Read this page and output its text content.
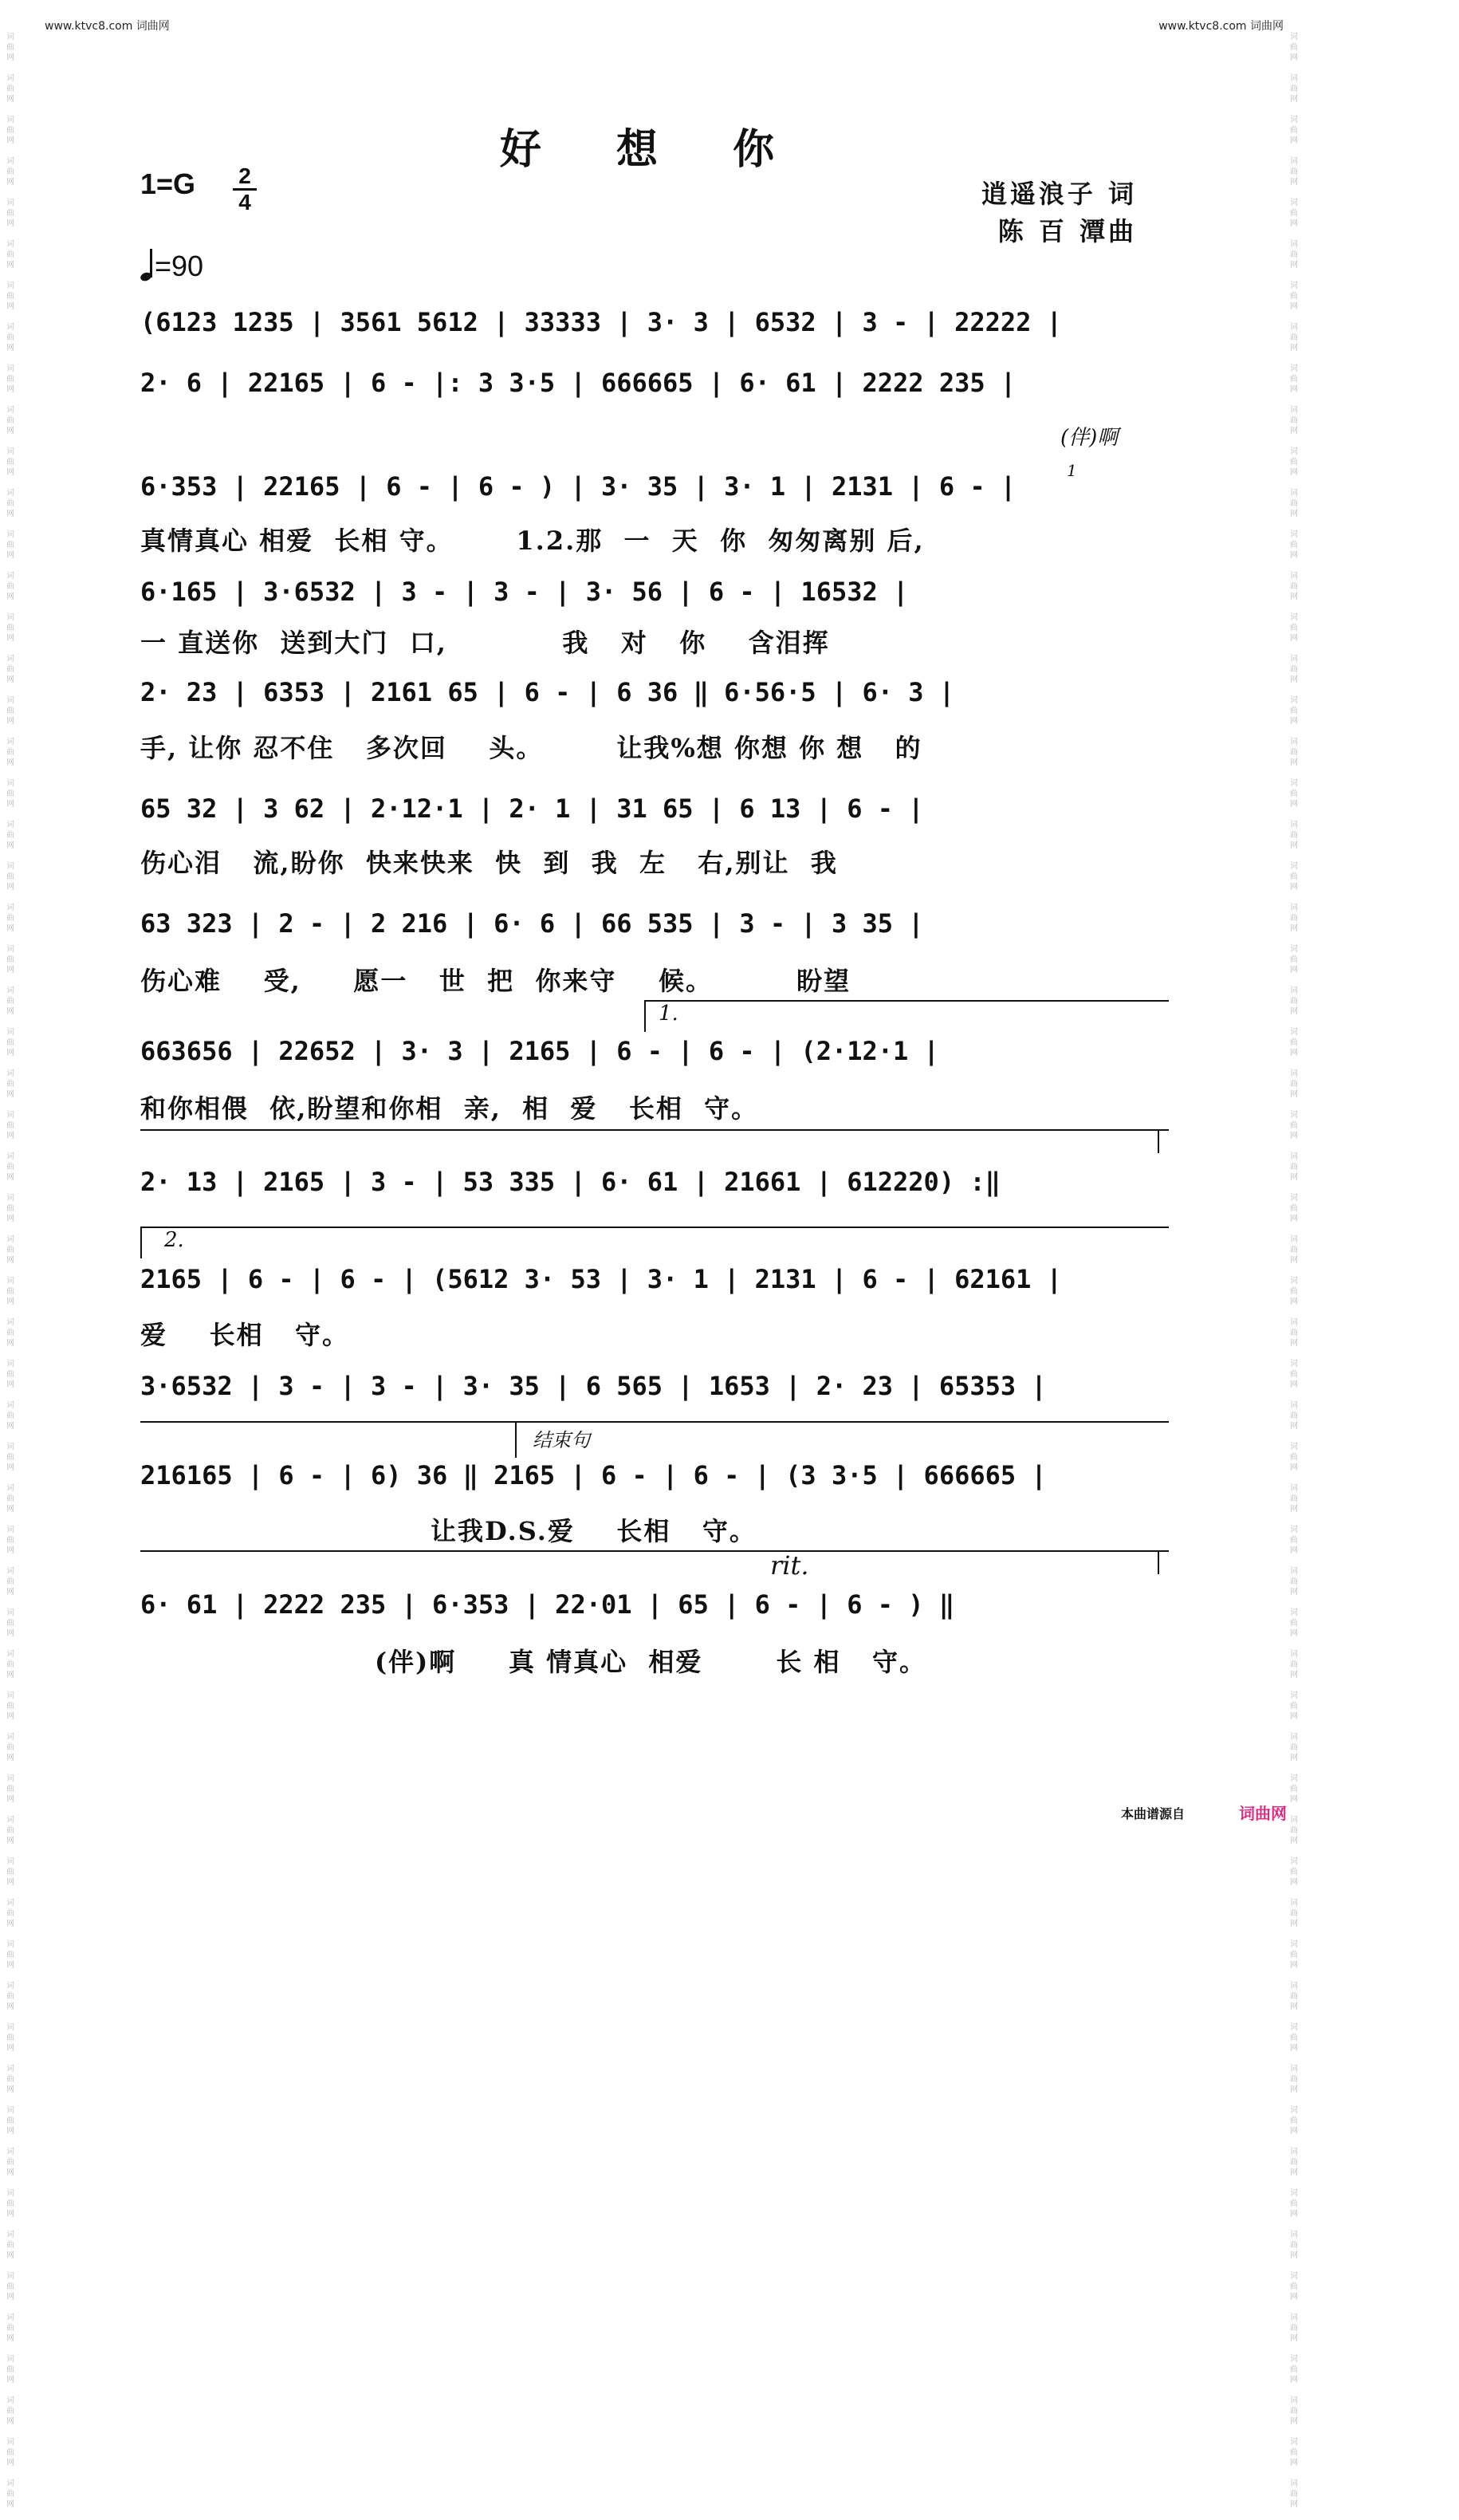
www.ktvc8.com 词曲网	www.ktvc8.com 词曲网
词
曲
网

词
曲
网

词
曲
网

词
曲
网

词
曲
网

词
曲
网

词
曲
网

词
曲
网

词
曲
网

词
曲
网

词
曲
网

词
曲
网

词
曲
网

词
曲
网

词
曲
网

词
曲
网

词
曲
网

词
曲
网

词
曲
网

词
曲
网

词
曲
网

词
曲
网

词
曲
网

词
曲
网

词
曲
网

词
曲
网

词
曲
网

词
曲
网

词
曲
网

词
曲
网

词
曲
网

词
曲
网

词
曲
网

词
曲
网

词
曲
网

词
曲
网

词
曲
网

词
曲
网

词
曲
网

词
曲
网

词
曲
网

词
曲
网

词
曲
网

词
曲
网

词
曲
网

词
曲
网

词
曲
网

词
曲
网

词
曲
网

词
曲
网

词
曲
网

词
曲
网

词
曲
网

词
曲
网

词
曲
网

词
曲
网

词
曲
网

词
曲
网

词
曲
网

词
曲
网

词
曲
网

词
曲
网

词
曲
网

词
曲
网

词
曲
网

词
曲
网

词
曲
网

词
曲
网

词
曲
网

词
曲
网

词
曲
网

词
曲
网

词
曲
网

词
曲
网

词
曲
网

词
曲
网

词
曲
网

词
曲
网

词
曲
网

词
曲
网

词
曲
网

词
曲
网

词
曲
网

词
曲
网

词
曲
网

词
曲
网

词
曲
网

词
曲
网

词
曲
网

词
曲
网

词
曲
网

词
曲
网

词
曲
网

词
曲
网

词
曲
网

词
曲
网

词
曲
网

词
曲
网

词
曲
网

词
曲
网

词
曲
网

词
曲
网

词
曲
网

词
曲
网

词
曲
网

词
曲
网

词
曲
网

词
曲
网

词
曲
网

词
曲
网

词
曲
网

词
曲
网

词
曲
网

词
曲
网

词
曲
网

词
曲
网

词
曲
网

词
曲
网

词
曲
网

词
曲
网

好 想 你
1=G 2
4
=90
逍遥浪子 词
陈 百 潭曲
(6123 1235 | 3561 5612 | 33333 | 3· 3 | 6532 | 3 - | 22222 |
2· 6 | 22165 | 6 - |: 3 3·5 | 666665 | 6· 61 | 2222 235 |
(伴)啊
1
6·353 | 22165 | 6 - | 6 - ) | 3· 35 | 3· 1 | 2131 | 6 - |
真情真心 相爱  长相 守。      1.2.那  一  天  你  匆匆离别 后,
6·165 | 3·6532 | 3 - | 3 - | 3· 56 | 6 - | 16532 |
一 直送你  送到大门  口,           我   对   你    含泪挥
2· 23 | 6353 | 2161 65 | 6 - | 6 36 ‖ 6·56·5 | 6· 3 |
手, 让你 忍不住   多次回    头。       让我%想 你想 你 想   的
65 32 | 3 62 | 2·12·1 | 2· 1 | 31 65 | 6 13 | 6 - |
伤心泪   流,盼你  快来快来  快  到  我  左   右,别让  我
63 323 | 2 - | 2 216 | 6· 6 | 66 535 | 3 - | 3 35 |
伤心难    受,     愿一   世  把  你来守    候。        盼望
1.
663656 | 22652 | 3· 3 | 2165 | 6 - | 6 - | (2·12·1 |
和你相偎  依,盼望和你相  亲,  相  爱   长相  守。
2· 13 | 2165 | 3 - | 53 335 | 6· 61 | 21661 | 612220) :‖
2.
2165 | 6 - | 6 - | (5612 3· 53 | 3· 1 | 2131 | 6 - | 62161 |
爱    长相   守。
3·6532 | 3 - | 3 - | 3· 35 | 6 565 | 1653 | 2· 23 | 65353 |
结束句
216165 | 6 - | 6) 36 ‖ 2165 | 6 - | 6 - | (3 3·5 | 666665 |
让我D.S.爱    长相   守。
rit.
6· 61 | 2222 235 | 6·353 | 22·01 | 65 | 6 - | 6 - ) ‖
(伴)啊     真 情真心  相爱       长 相   守。
本曲谱源自	词曲网
